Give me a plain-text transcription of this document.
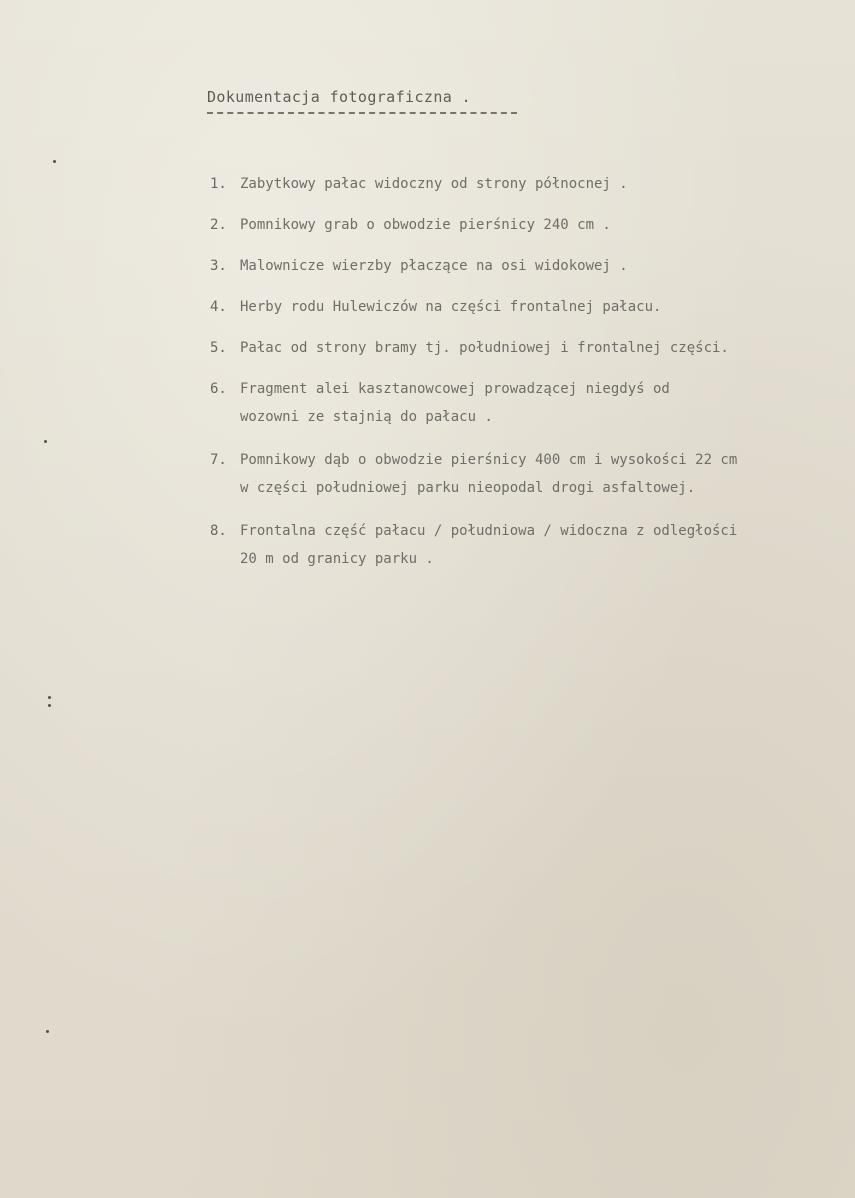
Dokumentacja fotograficzna .
1. Zabytkowy pałac widoczny od strony północnej .
2. Pomnikowy grab o obwodzie pierśnicy 240 cm .
3. Malownicze wierzby płaczące na osi widokowej .
4. Herby rodu Hulewiczów na części frontalnej pałacu.
5. Pałac od strony bramy tj. południowej i frontalnej części.
6. Fragment alei kasztanowcowej prowadzącej niegdyś od
wozowni ze stajnią do pałacu .
7. Pomnikowy dąb o obwodzie pierśnicy 400 cm i wysokości 22 cm
w części południowej parku nieopodal drogi asfaltowej.
8. Frontalna część pałacu / południowa / widoczna z odległości
20 m od granicy parku .
